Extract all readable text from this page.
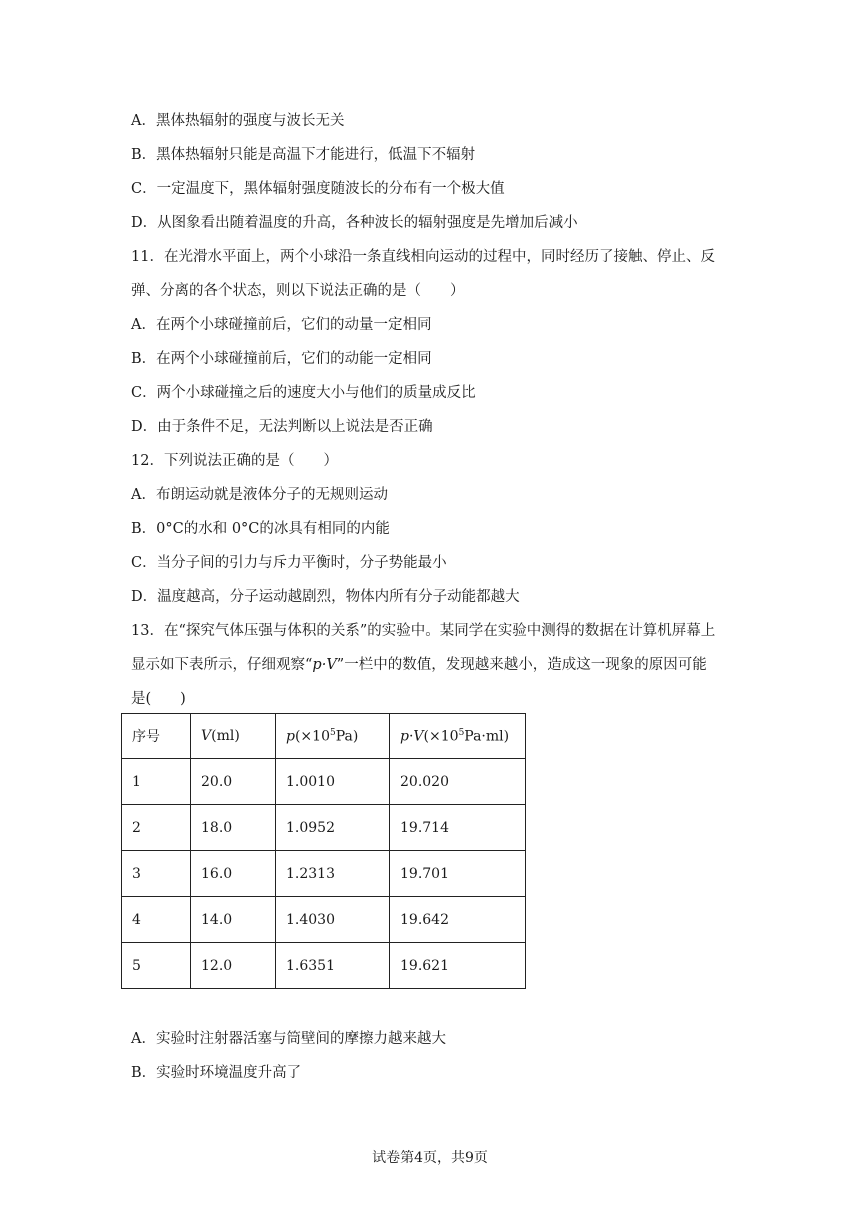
A．黑体热辐射的强度与波长无关
B．黑体热辐射只能是高温下才能进行，低温下不辐射
C．一定温度下，黑体辐射强度随波长的分布有一个极大值
D．从图象看出随着温度的升高，各种波长的辐射强度是先增加后减小
11．在光滑水平面上，两个小球沿一条直线相向运动的过程中，同时经历了接触、停止、反
弹、分离的各个状态，则以下说法正确的是（　　）
A．在两个小球碰撞前后，它们的动量一定相同
B．在两个小球碰撞前后，它们的动能一定相同
C．两个小球碰撞之后的速度大小与他们的质量成反比
D．由于条件不足，无法判断以上说法是否正确
12．下列说法正确的是（　　）
A．布朗运动就是液体分子的无规则运动
B．0°C的水和 0°C的冰具有相同的内能
C．当分子间的引力与斥力平衡时，分子势能最小
D．温度越高，分子运动越剧烈，物体内所有分子动能都越大
13．在“探究气体压强与体积的关系”的实验中。某同学在实验中测得的数据在计算机屏幕上
显示如下表所示，仔细观察“p·V”一栏中的数值，发现越来越小，造成这一现象的原因可能
是(　　)
序号	V(ml)	$p(\times 10^5Pa)$	$p\cdot V(\times 10^5Pa\cdot ml)$
1	20.0	1.0010	20.020
2	18.0	1.0952	19.714
3	16.0	1.2313	19.701
4	14.0	1.4030	19.642
5	12.0	1.6351	19.621
A．实验时注射器活塞与筒壁间的摩擦力越来越大
B．实验时环境温度升高了
试卷第4页，共9页
